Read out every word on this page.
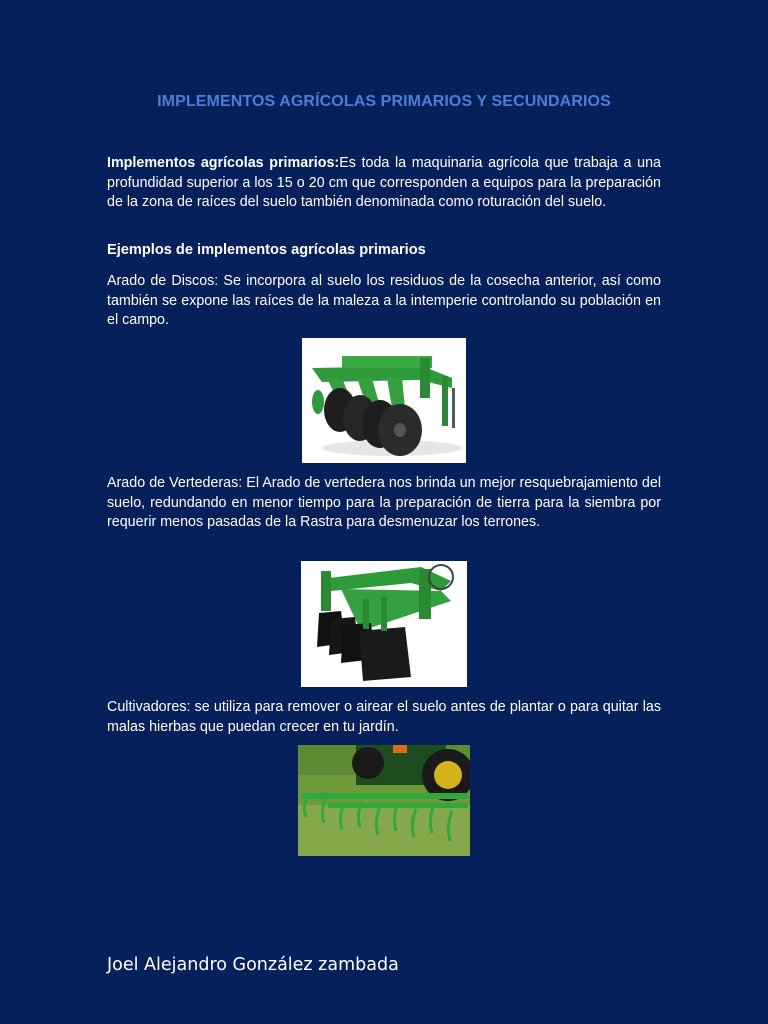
IMPLEMENTOS AGRÍCOLAS PRIMARIOS Y SECUNDARIOS
Implementos agrícolas primarios:Es toda la maquinaria agrícola que trabaja a una profundidad superior a los 15 o 20 cm que corresponden a equipos para la preparación de la zona de raíces del suelo también denominada como roturación del suelo.
Ejemplos de implementos agrícolas primarios
Arado de Discos: Se incorpora al suelo los residuos de la cosecha anterior, así como también se expone las raíces de la maleza a la intemperie controlando su población en el campo.
Arado de Vertederas: El Arado de vertedera nos brinda un mejor resquebrajamiento del suelo, redundando en menor tiempo para la preparación de tierra para la siembra por requerir menos pasadas de la Rastra para desmenuzar los terrones.
Cultivadores: se utiliza para remover o airear el suelo antes de plantar o para quitar las malas hierbas que puedan crecer en tu jardín.
Joel Alejandro González zambada
